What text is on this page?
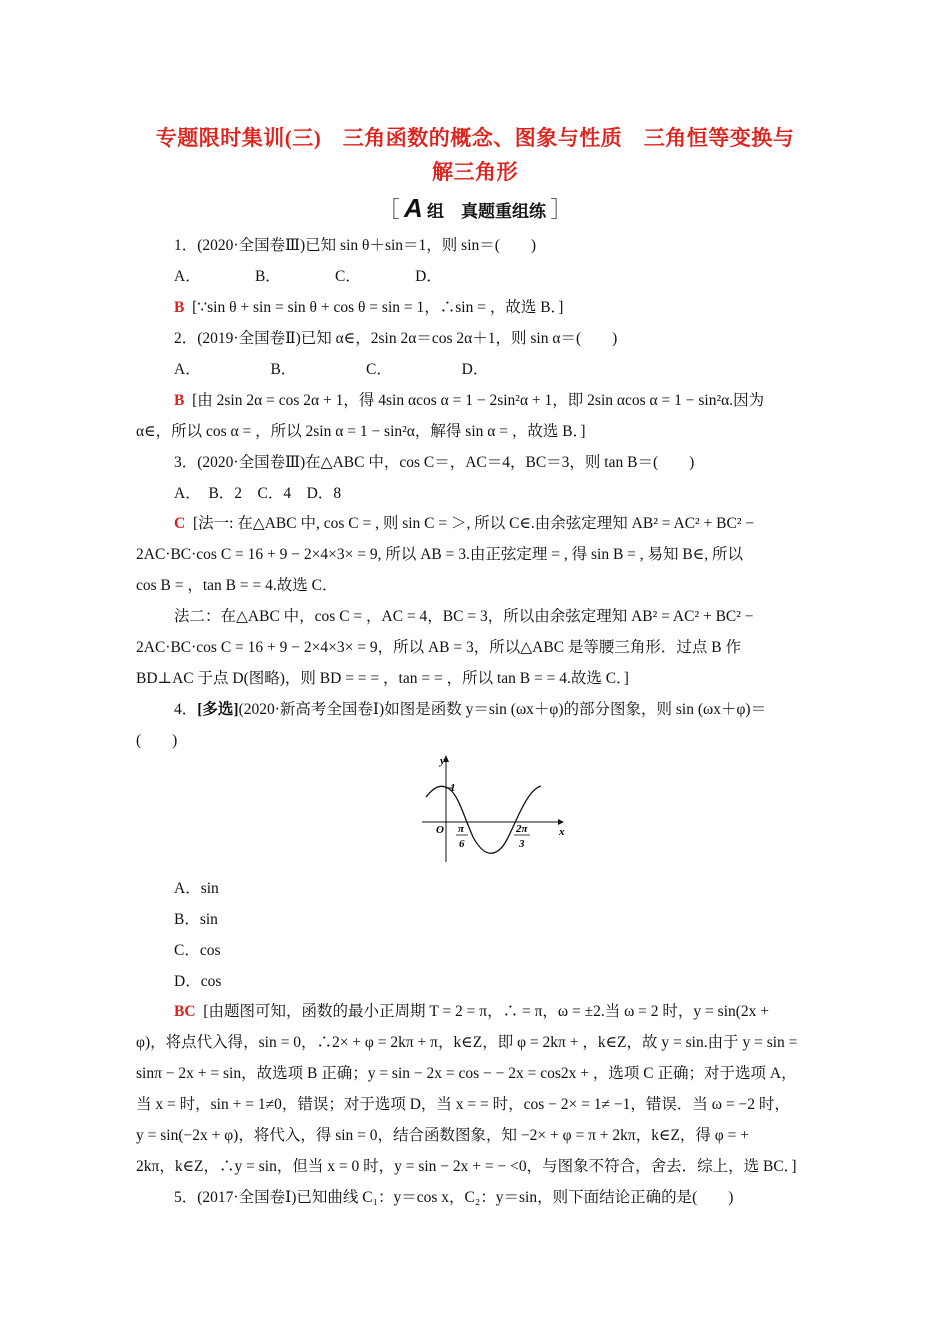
专题限时集训(三)　三角函数的概念、图象与性质　三角恒等变换与
解三角形
［ A 组　真题重组练 ］
1．(2020·全国卷Ⅲ)已知 sin θ＋sin＝1，则 sin＝(　　)
A．　　　　B．　　　　C．　　　　D．
B [∵sin θ + sin = sin θ + cos θ = sin = 1，∴sin = ，故选 B．]
2．(2019·全国卷Ⅱ)已知 α∈，2sin 2α＝cos 2α＋1，则 sin α＝(　　)
A．　　　　　B．　　　　　C．　　　　　D．
B [由 2sin 2α = cos 2α + 1，得 4sin αcos α = 1 − 2sin²α + 1，即 2sin αcos α = 1 − sin²α.因为
α∈，所以 cos α = ，所以 2sin α = 1 − sin²α，解得 sin α = ，故选 B．]
3．(2020·全国卷Ⅲ)在△ABC 中，cos C＝，AC＝4，BC＝3，则 tan B＝(　　)
A．　B．2　C．4　D．8
C [法一: 在△ABC 中, cos C = , 则 sin C = ＞, 所以 C∈.由余弦定理知 AB² = AC² + BC² −
2AC·BC·cos C = 16 + 9 − 2×4×3× = 9, 所以 AB = 3.由正弦定理 = , 得 sin B = , 易知 B∈, 所以
cos B = ，tan B = = 4.故选 C．
法二：在△ABC 中，cos C = ，AC = 4，BC = 3，所以由余弦定理知 AB² = AC² + BC² −
2AC·BC·cos C = 16 + 9 − 2×4×3× = 9，所以 AB = 3，所以△ABC 是等腰三角形．过点 B 作
BD⊥AC 于点 D(图略)，则 BD = = = ，tan = = ，所以 tan B = = 4.故选 C．]
4．[多选](2020·新高考全国卷Ⅰ)如图是函数 y＝sin (ωx＋φ)的部分图象，则 sin (ωx＋φ)＝
(　　)
y
x
O
1
π
6
2π
3
A．sin
B．sin
C．cos
D．cos
BC [由题图可知，函数的最小正周期 T = 2 = π，∴ = π，ω = ±2.当 ω = 2 时，y = sin(2x +
φ)，将点代入得，sin = 0，∴2× + φ = 2kπ + π，k∈Z，即 φ = 2kπ + ，k∈Z，故 y = sin.由于 y = sin =
sinπ − 2x + = sin，故选项 B 正确；y = sin − 2x = cos − − 2x = cos2x + ，选项 C 正确；对于选项 A，
当 x = 时，sin + = 1≠0，错误；对于选项 D，当 x = = 时，cos − 2× = 1≠ −1，错误．当 ω = −2 时，
y = sin(−2x + φ)，将代入，得 sin = 0，结合函数图象，知 −2× + φ = π + 2kπ，k∈Z，得 φ = +
2kπ，k∈Z，∴y = sin，但当 x = 0 时，y = sin − 2x + = − <0，与图象不符合，舍去．综上，选 BC．]
5．(2017·全国卷Ⅰ)已知曲线 C₁：y＝cos x，C₂：y＝sin，则下面结论正确的是(　　)
